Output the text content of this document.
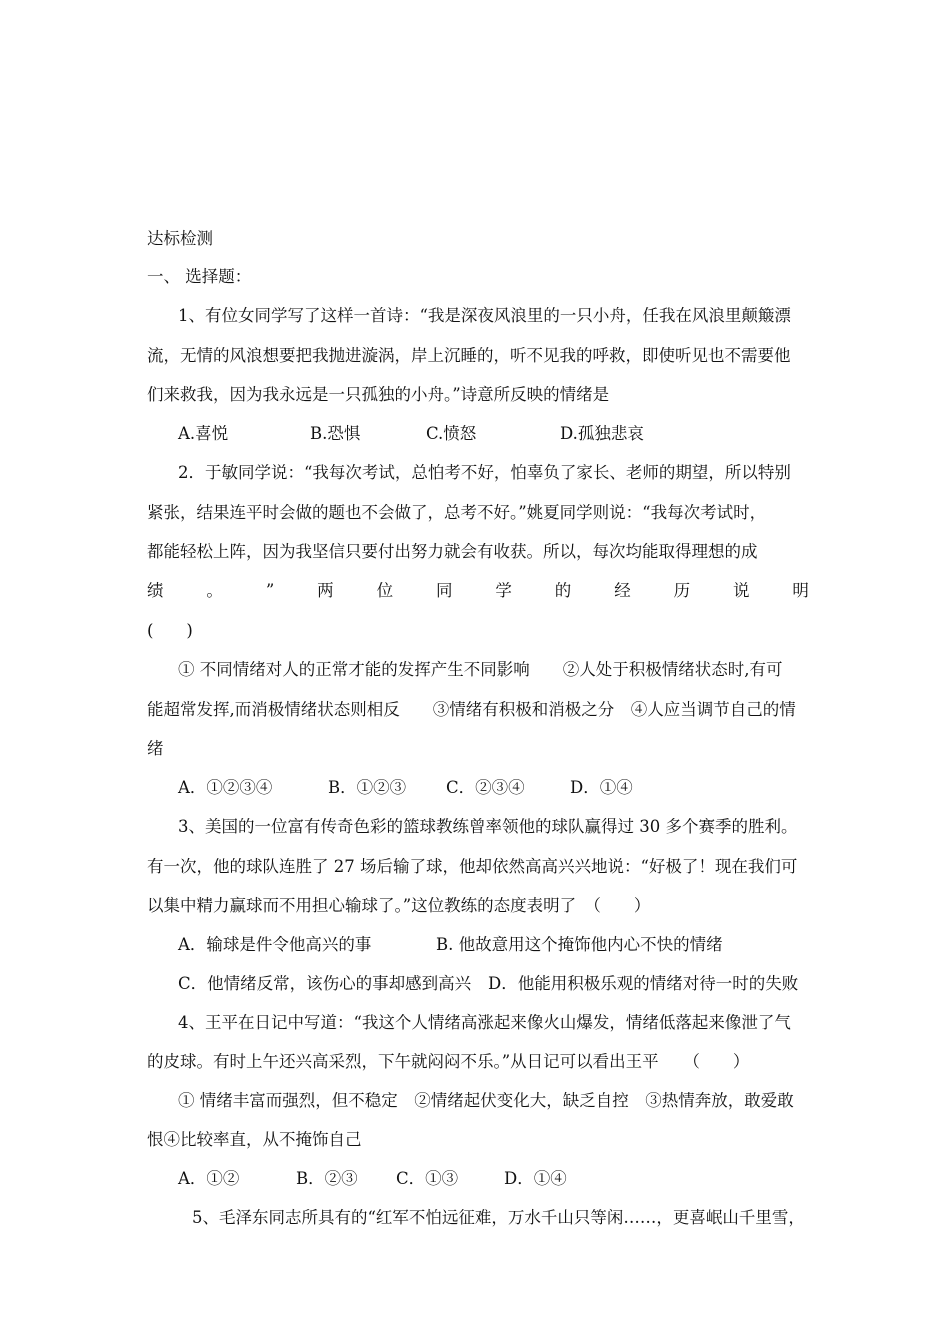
达标检测
一、 选择题：
1、有位女同学写了这样一首诗：“我是深夜风浪里的一只小舟，任我在风浪里颠簸漂
流，无情的风浪想要把我抛进漩涡，岸上沉睡的，听不见我的呼救，即使听见也不需要他
们来救我，因为我永远是一只孤独的小舟。”诗意所反映的情绪是
A.喜悦	B.恐惧	C.愤怒	D.孤独悲哀
2．于敏同学说：“我每次考试，总怕考不好，怕辜负了家长、老师的期望，所以特别
紧张，结果连平时会做的题也不会做了，总考不好。”姚夏同学则说：“我每次考试时，
都能轻松上阵，因为我坚信只要付出努力就会有收获。所以，每次均能取得理想的成
绩	。	”	两	位	同	学	的	经	历	说	明
(　　)
① 不同情绪对人的正常才能的发挥产生不同影响　　②人处于积极情绪状态时,有可
能超常发挥,而消极情绪状态则相反　　③情绪有积极和消极之分　④人应当调节自己的情
绪
A．①②③④	B．①②③ C．②③④	D．①④
3、美国的一位富有传奇色彩的篮球教练曾率领他的球队赢得过 30 多个赛季的胜利。
有一次，他的球队连胜了 27 场后输了球，他却依然高高兴兴地说：“好极了！现在我们可
以集中精力赢球而不用担心输球了。”这位教练的态度表明了　（　　）
A．输球是件令他高兴的事	B. 他故意用这个掩饰他内心不快的情绪
C．他情绪反常，该伤心的事却感到高兴 D．他能用积极乐观的情绪对待一时的失败
4、王平在日记中写道：“我这个人情绪高涨起来像火山爆发，情绪低落起来像泄了气
的皮球。有时上午还兴高采烈，下午就闷闷不乐。”从日记可以看出王平　　（　　）
① 情绪丰富而强烈，但不稳定　②情绪起伏变化大，缺乏自控　③热情奔放，敢爱敢
恨④比较率直，从不掩饰自己
A．①②	B．②③ C．①③	D．①④
5、毛泽东同志所具有的“红军不怕远征难，万水千山只等闲……，更喜岷山千里雪，
